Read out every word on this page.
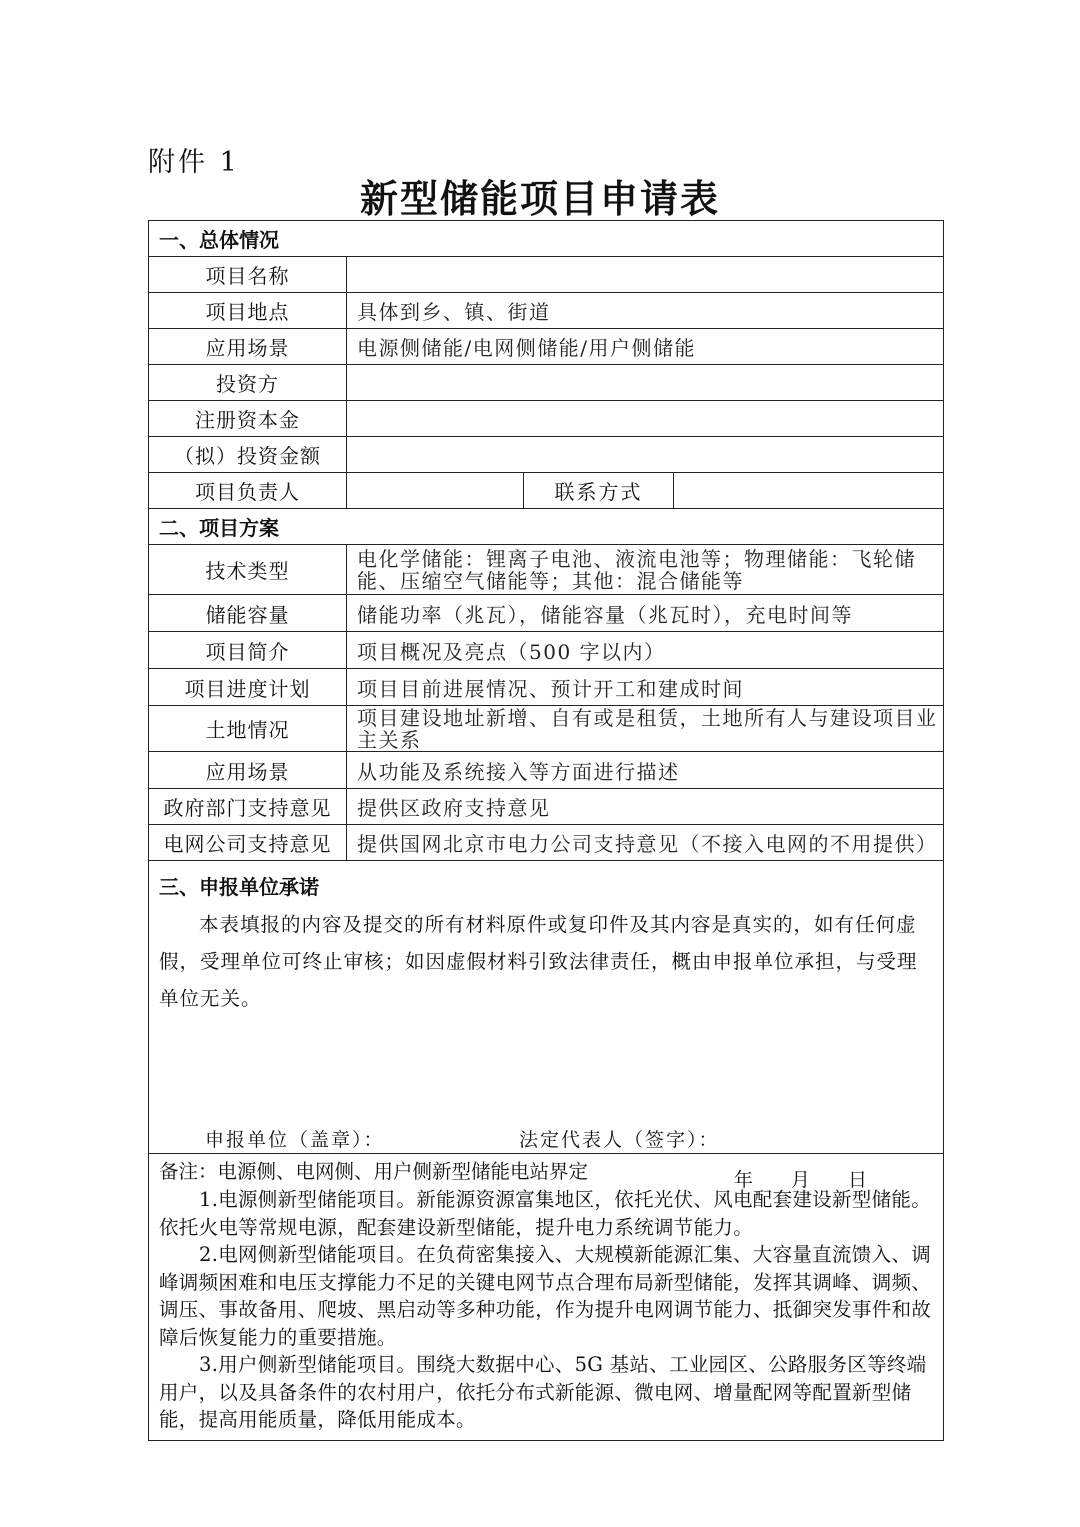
附件 1
新型储能项目申请表
一、总体情况			
项目名称			
项目地点	具体到乡、镇、街道		
应用场景	电源侧储能/电网侧储能/用户侧储能		
投资方			
注册资本金			
（拟）投资金额			
项目负责人		联系方式	
二、项目方案			
技术类型	电化学储能：锂离子电池、液流电池等；物理储能：飞轮储能、压缩空气储能等；其他：混合储能等		
储能容量	储能功率（兆瓦），储能容量（兆瓦时），充电时间等		
项目简介	项目概况及亮点（500 字以内）		
项目进度计划	项目目前进展情况、预计开工和建成时间		
土地情况	项目建设地址新增、自有或是租赁，土地所有人与建设项目业主关系		
应用场景	从功能及系统接入等方面进行描述		
政府部门支持意见	提供区政府支持意见		
电网公司支持意见	提供国网北京市电力公司支持意见（不接入电网的不用提供）		

三、申报单位承诺
本表填报的内容及提交的所有材料原件或复印件及其内容是真实的，如有任何虚假，受理单位可终止审核；如因虚假材料引致法律责任，概由申报单位承担，与受理单位无关。
申报单位（盖章）： 法定代表人（签字）：
年 月 日			

备注：电源侧、电网侧、用户侧新型储能电站界定
1.电源侧新型储能项目。新能源资源富集地区，依托光伏、风电配套建设新型储能。依托火电等常规电源，配套建设新型储能，提升电力系统调节能力。
2.电网侧新型储能项目。在负荷密集接入、大规模新能源汇集、大容量直流馈入、调峰调频困难和电压支撑能力不足的关键电网节点合理布局新型储能，发挥其调峰、调频、调压、事故备用、爬坡、黑启动等多种功能，作为提升电网调节能力、抵御突发事件和故障后恢复能力的重要措施。
3.用户侧新型储能项目。围绕大数据中心、5G 基站、工业园区、公路服务区等终端用户，以及具备条件的农村用户，依托分布式新能源、微电网、增量配网等配置新型储能，提高用能质量，降低用能成本。			
